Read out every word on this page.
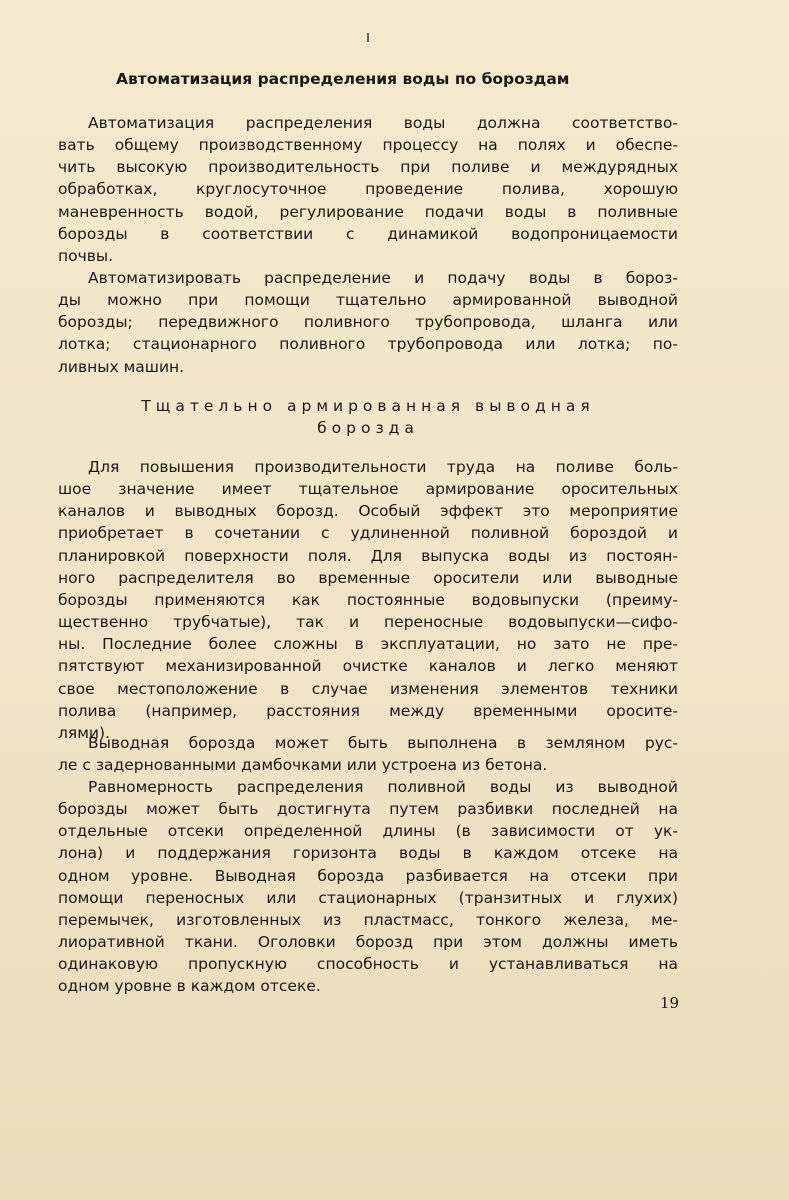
Автоматизация распределения воды по бороздам

Автоматизация распределения воды должна соответство-
вать общему производственному процессу на полях и обеспе-
чить высокую производительность при поливе и междурядных
обработках, круглосуточное проведение полива, хорошую
маневренность водой, регулирование подачи воды в поливные
борозды в соответствии с динамикой водопроницаемости
почвы.

Автоматизировать распределение и подачу воды в бороз-
ды можно при помощи тщательно армированной выводной
борозды; передвижного поливного трубопровода, шланга или
лотка; стационарного поливного трубопровода или лотка; по-
ливных машин.

Тщательно армированная выводная
борозда

Для повышения производительности труда на поливе боль-
шое значение имеет тщательное армирование оросительных
каналов и выводных борозд. Особый эффект это мероприятие
приобретает в сочетании с удлиненной поливной бороздой и
планировкой поверхности поля. Для выпуска воды из постоян-
ного распределителя во временные оросители или выводные
борозды применяются как постоянные водовыпуски (преиму-
щественно трубчатые), так и переносные водовыпуски—сифо-
ны. Последние более сложны в эксплуатации, но зато не пре-
пятствуют механизированной очистке каналов и легко меняют
свое местоположение в случае изменения элементов техники
полива (например, расстояния между временными оросите-
лями).

Выводная борозда может быть выполнена в земляном рус-
ле с задернованными дамбочками или устроена из бетона.

Равномерность распределения поливной воды из выводной
борозды может быть достигнута путем разбивки последней на
отдельные отсеки определенной длины (в зависимости от ук-
лона) и поддержания горизонта воды в каждом отсеке на
одном уровне. Выводная борозда разбивается на отсеки при
помощи переносных или стационарных (транзитных и глухих)
перемычек, изготовленных из пластмасс, тонкого железа, ме-
лиоративной ткани. Оголовки борозд при этом должны иметь
одинаковую пропускную способность и устанавливаться на
одном уровне в каждом отсеке.

19
